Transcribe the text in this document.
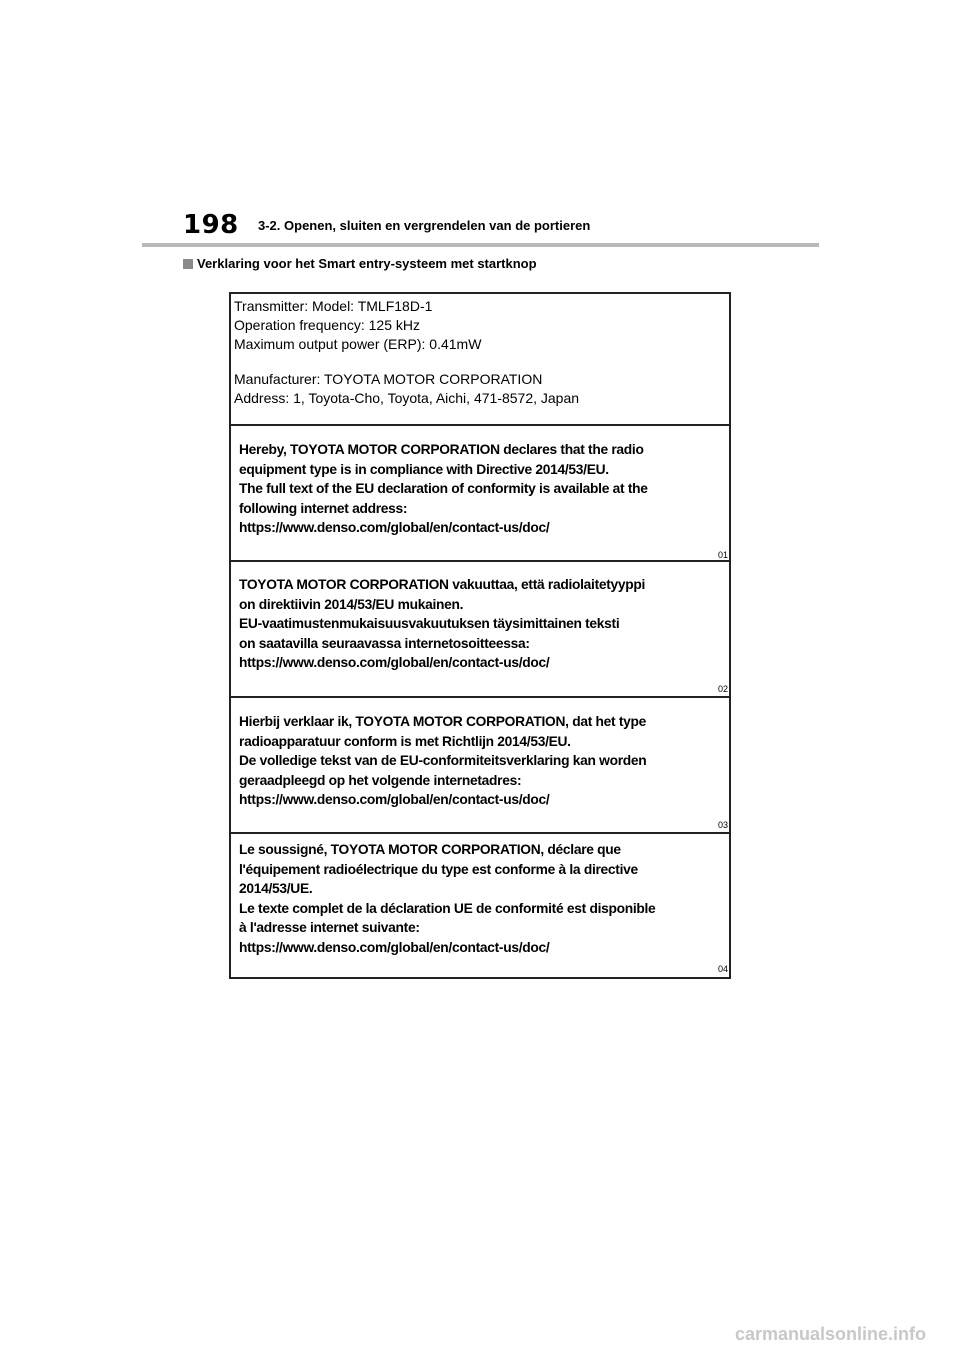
198 3-2. Openen, sluiten en vergrendelen van de portieren
Verklaring voor het Smart entry-systeem met startknop
Transmitter: Model: TMLF18D-1
Operation frequency: 125 kHz
Maximum output power (ERP): 0.41mW
Manufacturer: TOYOTA MOTOR CORPORATION
Address: 1, Toyota-Cho, Toyota, Aichi, 471-8572, Japan
Hereby, TOYOTA MOTOR CORPORATION declares that the radio
equipment type is in compliance with Directive 2014/53/EU.
The full text of the EU declaration of conformity is available at the
following internet address:
https://www.denso.com/global/en/contact-us/doc/
01
TOYOTA MOTOR CORPORATION vakuuttaa, että radiolaitetyyppi
on direktiivin 2014/53/EU mukainen.
EU-vaatimustenmukaisuusvakuutuksen täysimittainen teksti
on saatavilla seuraavassa internetosoitteessa:
https://www.denso.com/global/en/contact-us/doc/
02
Hierbij verklaar ik, TOYOTA MOTOR CORPORATION, dat het type
radioapparatuur conform is met Richtlijn 2014/53/EU.
De volledige tekst van de EU-conformiteitsverklaring kan worden
geraadpleegd op het volgende internetadres:
https://www.denso.com/global/en/contact-us/doc/
03
Le soussigné, TOYOTA MOTOR CORPORATION, déclare que
l'équipement radioélectrique du type est conforme à la directive
2014/53/UE.
Le texte complet de la déclaration UE de conformité est disponible
à l'adresse internet suivante:
https://www.denso.com/global/en/contact-us/doc/
04
carmanualsonline.info
